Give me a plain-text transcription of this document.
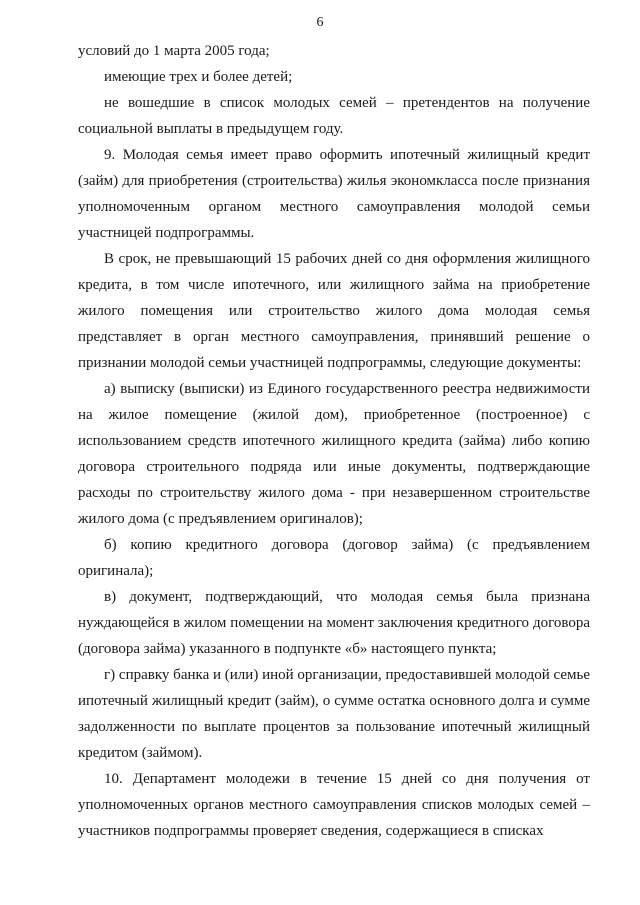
6

условий до 1 марта 2005 года;

имеющие трех и более детей;

не вошедшие в список молодых семей – претендентов на получение социальной выплаты в предыдущем году.

9. Молодая семья имеет право оформить ипотечный жилищный кредит (займ) для приобретения (строительства) жилья экономкласса после признания уполномоченным органом местного самоуправления молодой семьи участницей подпрограммы.

В срок, не превышающий 15 рабочих дней со дня оформления жилищного кредита, в том числе ипотечного, или жилищного займа на приобретение жилого помещения или строительство жилого дома молодая семья представляет в орган местного самоуправления, принявший решение о признании молодой семьи участницей подпрограммы, следующие документы:

а) выписку (выписки) из Единого государственного реестра недвижимости на жилое помещение (жилой дом), приобретенное (построенное) с использованием средств ипотечного жилищного кредита (займа) либо копию договора строительного подряда или иные документы, подтверждающие расходы по строительству жилого дома - при незавершенном строительстве жилого дома (с предъявлением оригиналов);

б) копию кредитного договора (договор займа) (с предъявлением оригинала);

в) документ, подтверждающий, что молодая семья была признана нуждающейся в жилом помещении на момент заключения кредитного договора (договора займа) указанного в подпункте «б» настоящего пункта;

г) справку банка и (или) иной организации, предоставившей молодой семье ипотечный жилищный кредит (займ), о сумме остатка основного долга и сумме задолженности по выплате процентов за пользование ипотечный жилищный кредитом (займом).

10. Департамент молодежи в течение 15 дней со дня получения от уполномоченных органов местного самоуправления списков молодых семей – участников подпрограммы проверяет сведения, содержащиеся в списках
